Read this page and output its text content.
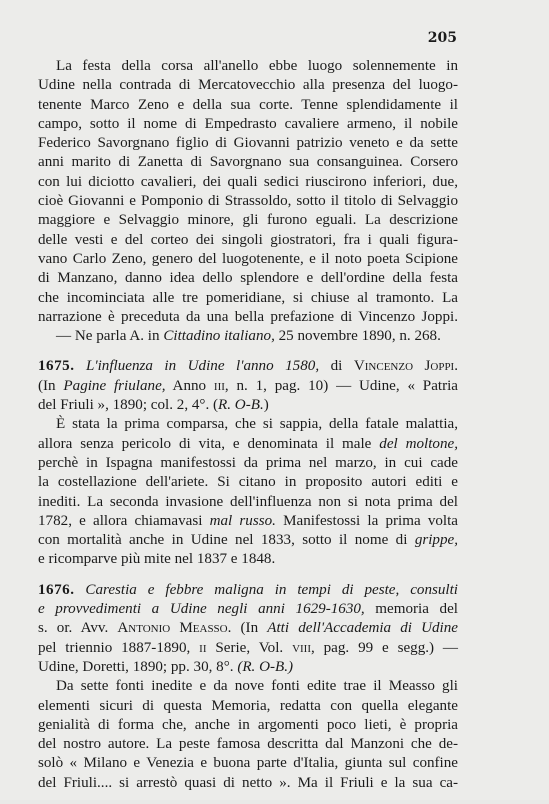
205
La festa della corsa all'anello ebbe luogo solennemente in
Udine nella contrada di Mercatovecchio alla presenza del luogo-
tenente Marco Zeno e della sua corte. Tenne splendidamente il
campo, sotto il nome di Empedrasto cavaliere armeno, il nobile
Federico Savorgnano figlio di Giovanni patrizio veneto e da sette
anni marito di Zanetta di Savorgnano sua consanguinea. Corsero
con lui diciotto cavalieri, dei quali sedici riuscirono inferiori, due,
cioè Giovanni e Pomponio di Strassoldo, sotto il titolo di Selvaggio
maggiore e Selvaggio minore, gli furono eguali. La descrizione
delle vesti e del corteo dei singoli giostratori, fra i quali figura-
vano Carlo Zeno, genero del luogotenente, e il noto poeta Scipione
di Manzano, danno idea dello splendore e dell'ordine della festa
che incominciata alle tre pomeridiane, si chiuse al tramonto. La
narrazione è preceduta da una bella prefazione di Vincenzo Joppi.
— Ne parla A. in Cittadino italiano, 25 novembre 1890, n. 268.
1675. L'influenza in Udine l'anno 1580, di Vincenzo Joppi.
(In Pagine friulane, Anno iii, n. 1, pag. 10) — Udine, « Patria
del Friuli », 1890; col. 2, 4°. (R. O-B.)
È stata la prima comparsa, che si sappia, della fatale malattia,
allora senza pericolo di vita, e denominata il male del moltone,
perchè in Ispagna manifestossi da prima nel marzo, in cui cade
la costellazione dell'ariete. Si citano in proposito autori editi e
inediti. La seconda invasione dell'influenza non si nota prima del
1782, e allora chiamavasi mal russo. Manifestossi la prima volta
con mortalità anche in Udine nel 1833, sotto il nome di grippe,
e ricomparve più mite nel 1837 e 1848.
1676. Carestia e febbre maligna in tempi di peste, consulti
e provvedimenti a Udine negli anni 1629-1630, memoria del
s. or. Avv. Antonio Measso. (In Atti dell'Accademia di Udine
pel triennio 1887-1890, ii Serie, Vol. viii, pag. 99 e segg.) —
Udine, Doretti, 1890; pp. 30, 8°. (R. O-B.)
Da sette fonti inedite e da nove fonti edite trae il Measso gli
elementi sicuri di questa Memoria, redatta con quella elegante
genialità di forma che, anche in argomenti poco lieti, è propria
del nostro autore. La peste famosa descritta dal Manzoni che de-
solò « Milano e Venezia e buona parte d'Italia, giunta sul confine
del Friuli.... si arrestò quasi di netto ». Ma il Friuli e la sua ca-
